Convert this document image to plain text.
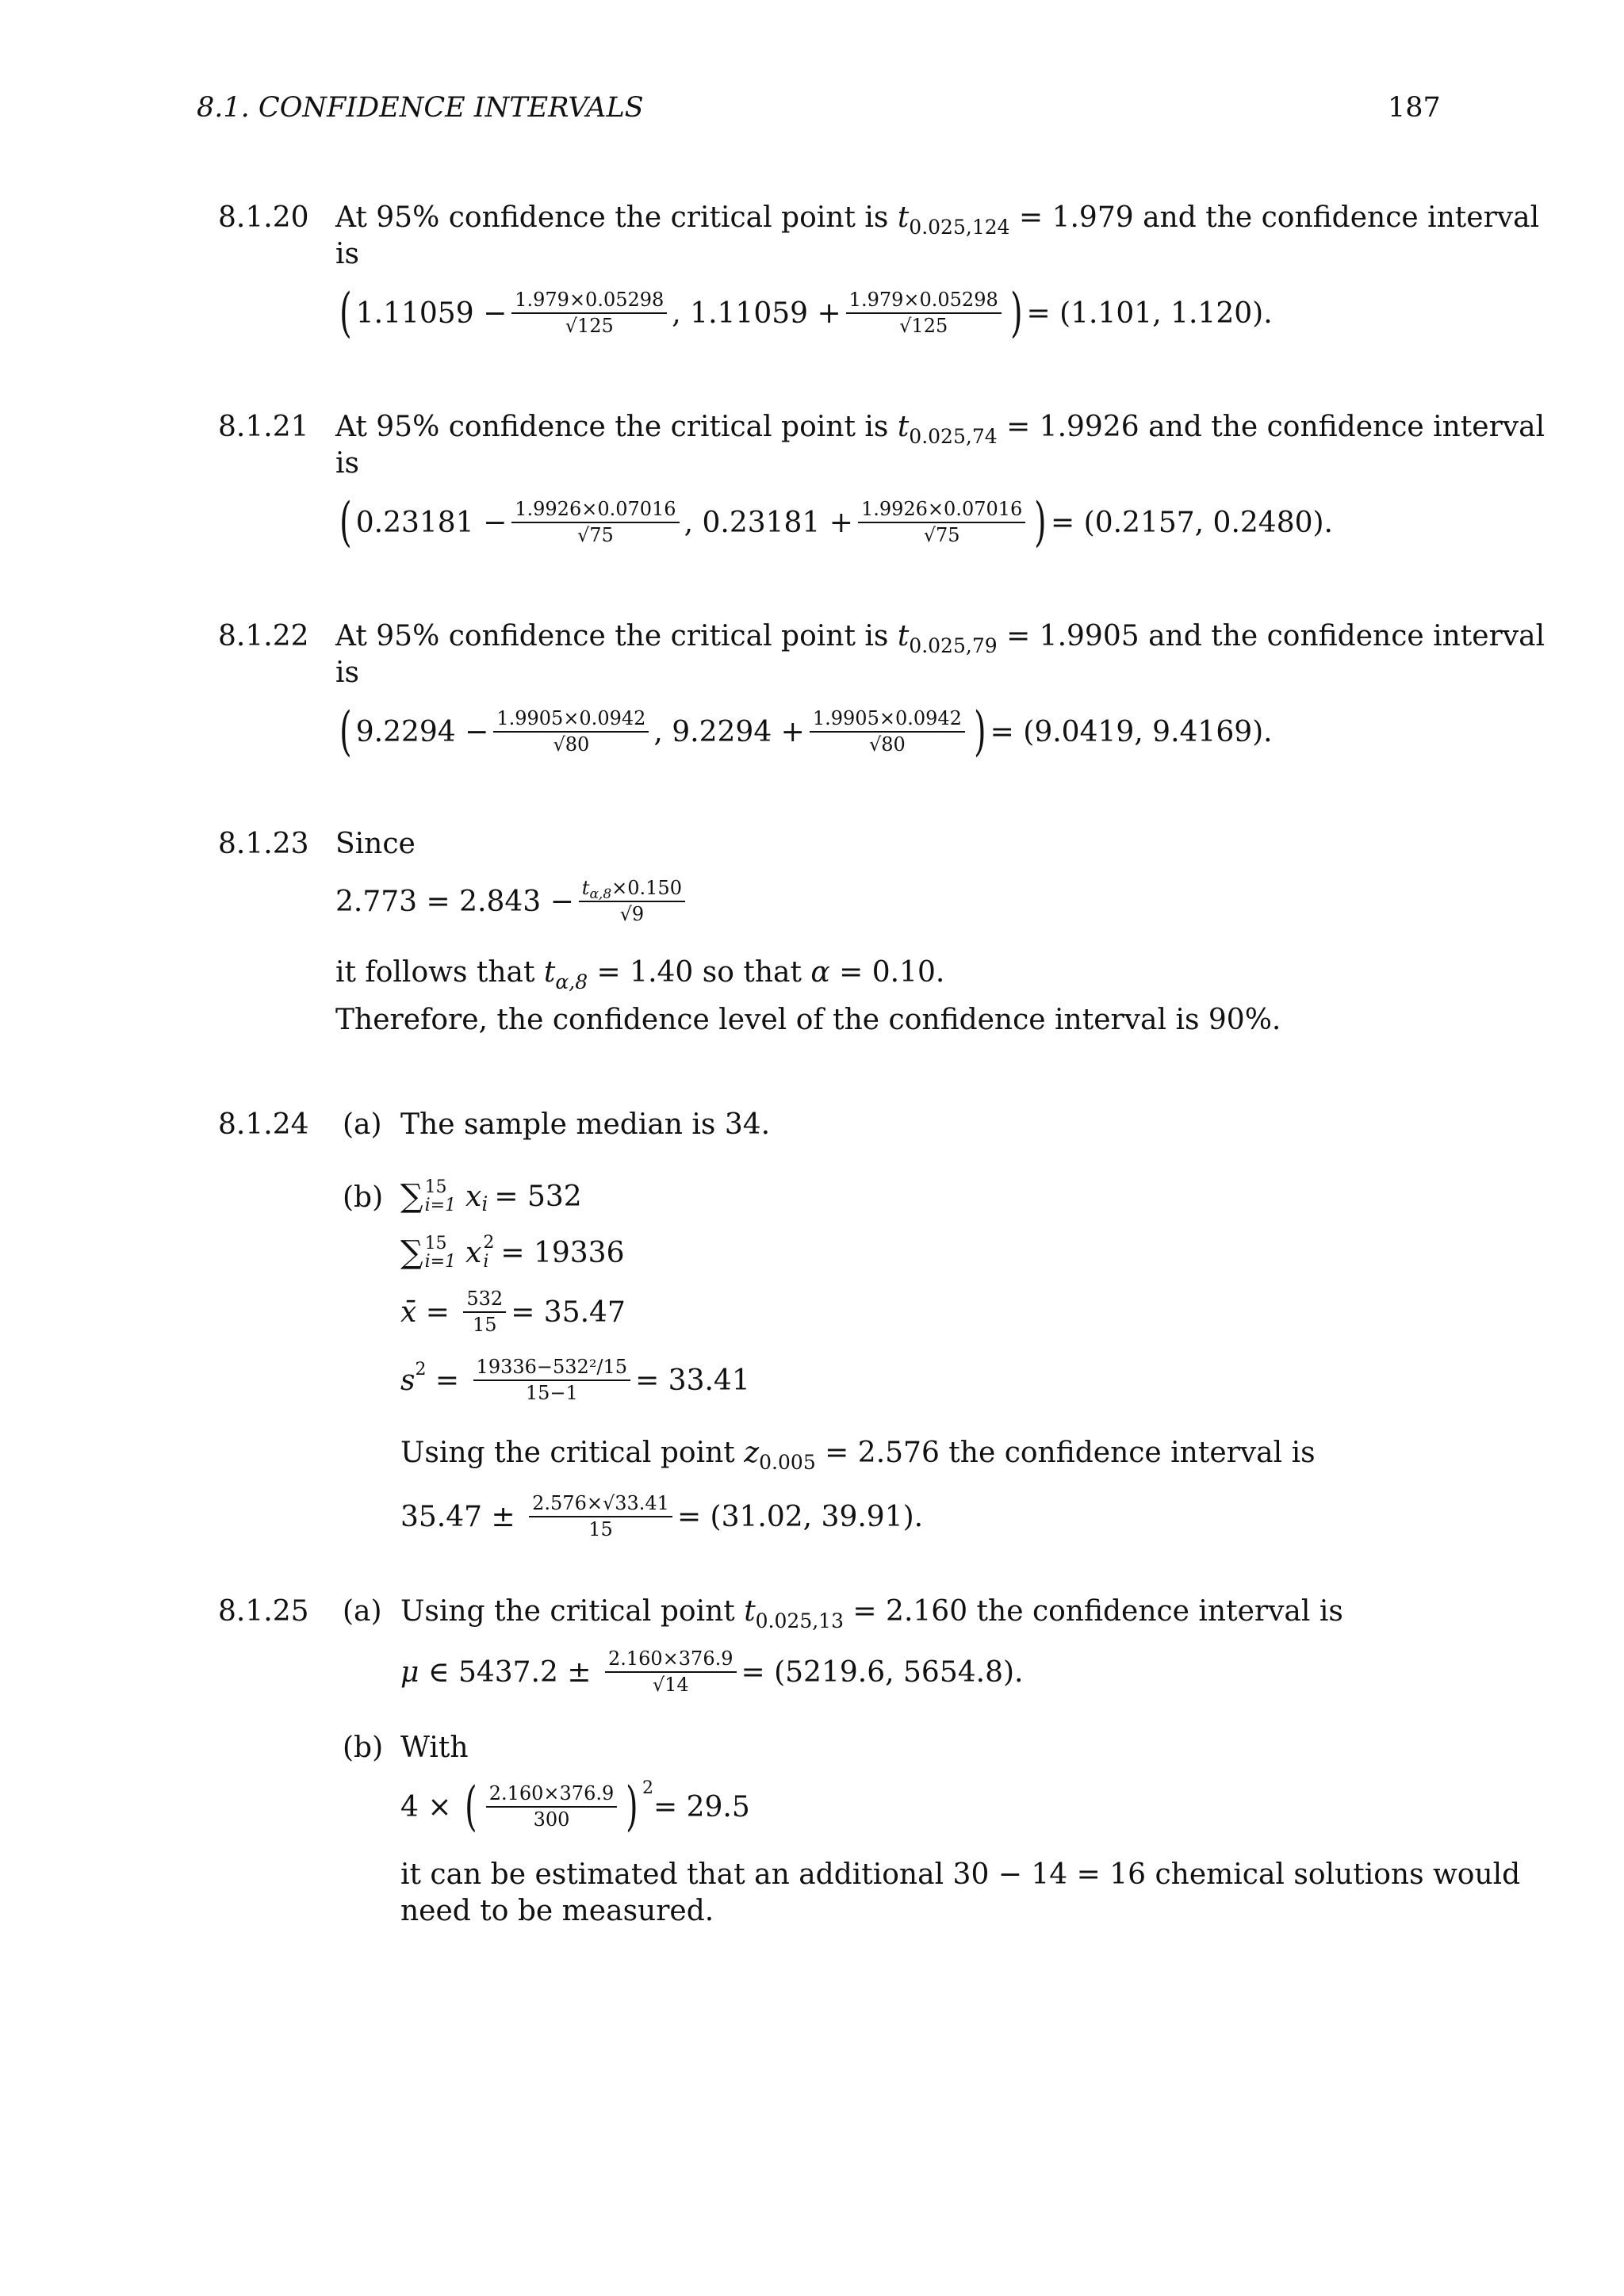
8.1. CONFIDENCE INTERVALS	187
8.1.20 At 95% confidence the critical point is $t_{0.025,124} = 1.979$ and the confidence interval
is
( $1.11059 - \frac{1.979\times 0.05298}{√125}$ , $1.11059 + \frac{1.979\times 0.05298}{√125}$ ) = (1.101, 1.120).
8.1.21 At 95% confidence the critical point is $t_{0.025,74} = 1.9926$ and the confidence interval
is
( $0.23181 - \frac{1.9926\times 0.07016}{√75}$ , $0.23181 + \frac{1.9926\times 0.07016}{√75}$ ) = (0.2157, 0.2480).
8.1.22 At 95% confidence the critical point is $t_{0.025,79} = 1.9905$ and the confidence interval
is
( $9.2294 - \frac{1.9905\times 0.0942}{√80}$ , $9.2294 + \frac{1.9905\times 0.0942}{√80}$ ) = (9.0419, 9.4169).
8.1.23 Since
$2.773 = 2.843 - \frac{t_{\alpha,8}\times 0.150}{√9}$
it follows that $t_{\alpha,8} = 1.40$ so that α = 0.10.
Therefore, the confidence level of the confidence interval is 90%.
8.1.24 (a) The sample median is 34.
(b) ∑ 15
i=1 x i = 532
∑ 15
i=1 x 2
i = 19336
x̄ = $\frac{532}{15} = 35.47$
s $2 = \frac{\text{19336−532²/15}}{15-1} = 33.41$
Using the critical point $z_{0.005} = 2.576$ the confidence interval is
$35.47 \pm \frac{2.576\times√33.41}{15} = (31.02$, 39.91).
8.1.25 (a) Using the critical point $t_{0.025,13} = 2.160$ the confidence interval is
μ ∈ $5437.2 \pm \frac{2.160\times 376.9}{√14} = (5219.6$, 5654.8).
(b) With
4 × ( $\frac{2.160\times 376.9}{300}$ ) 2
= 29.5
it can be estimated that an additional 30 − 14 = 16 chemical solutions would
need to be measured.
